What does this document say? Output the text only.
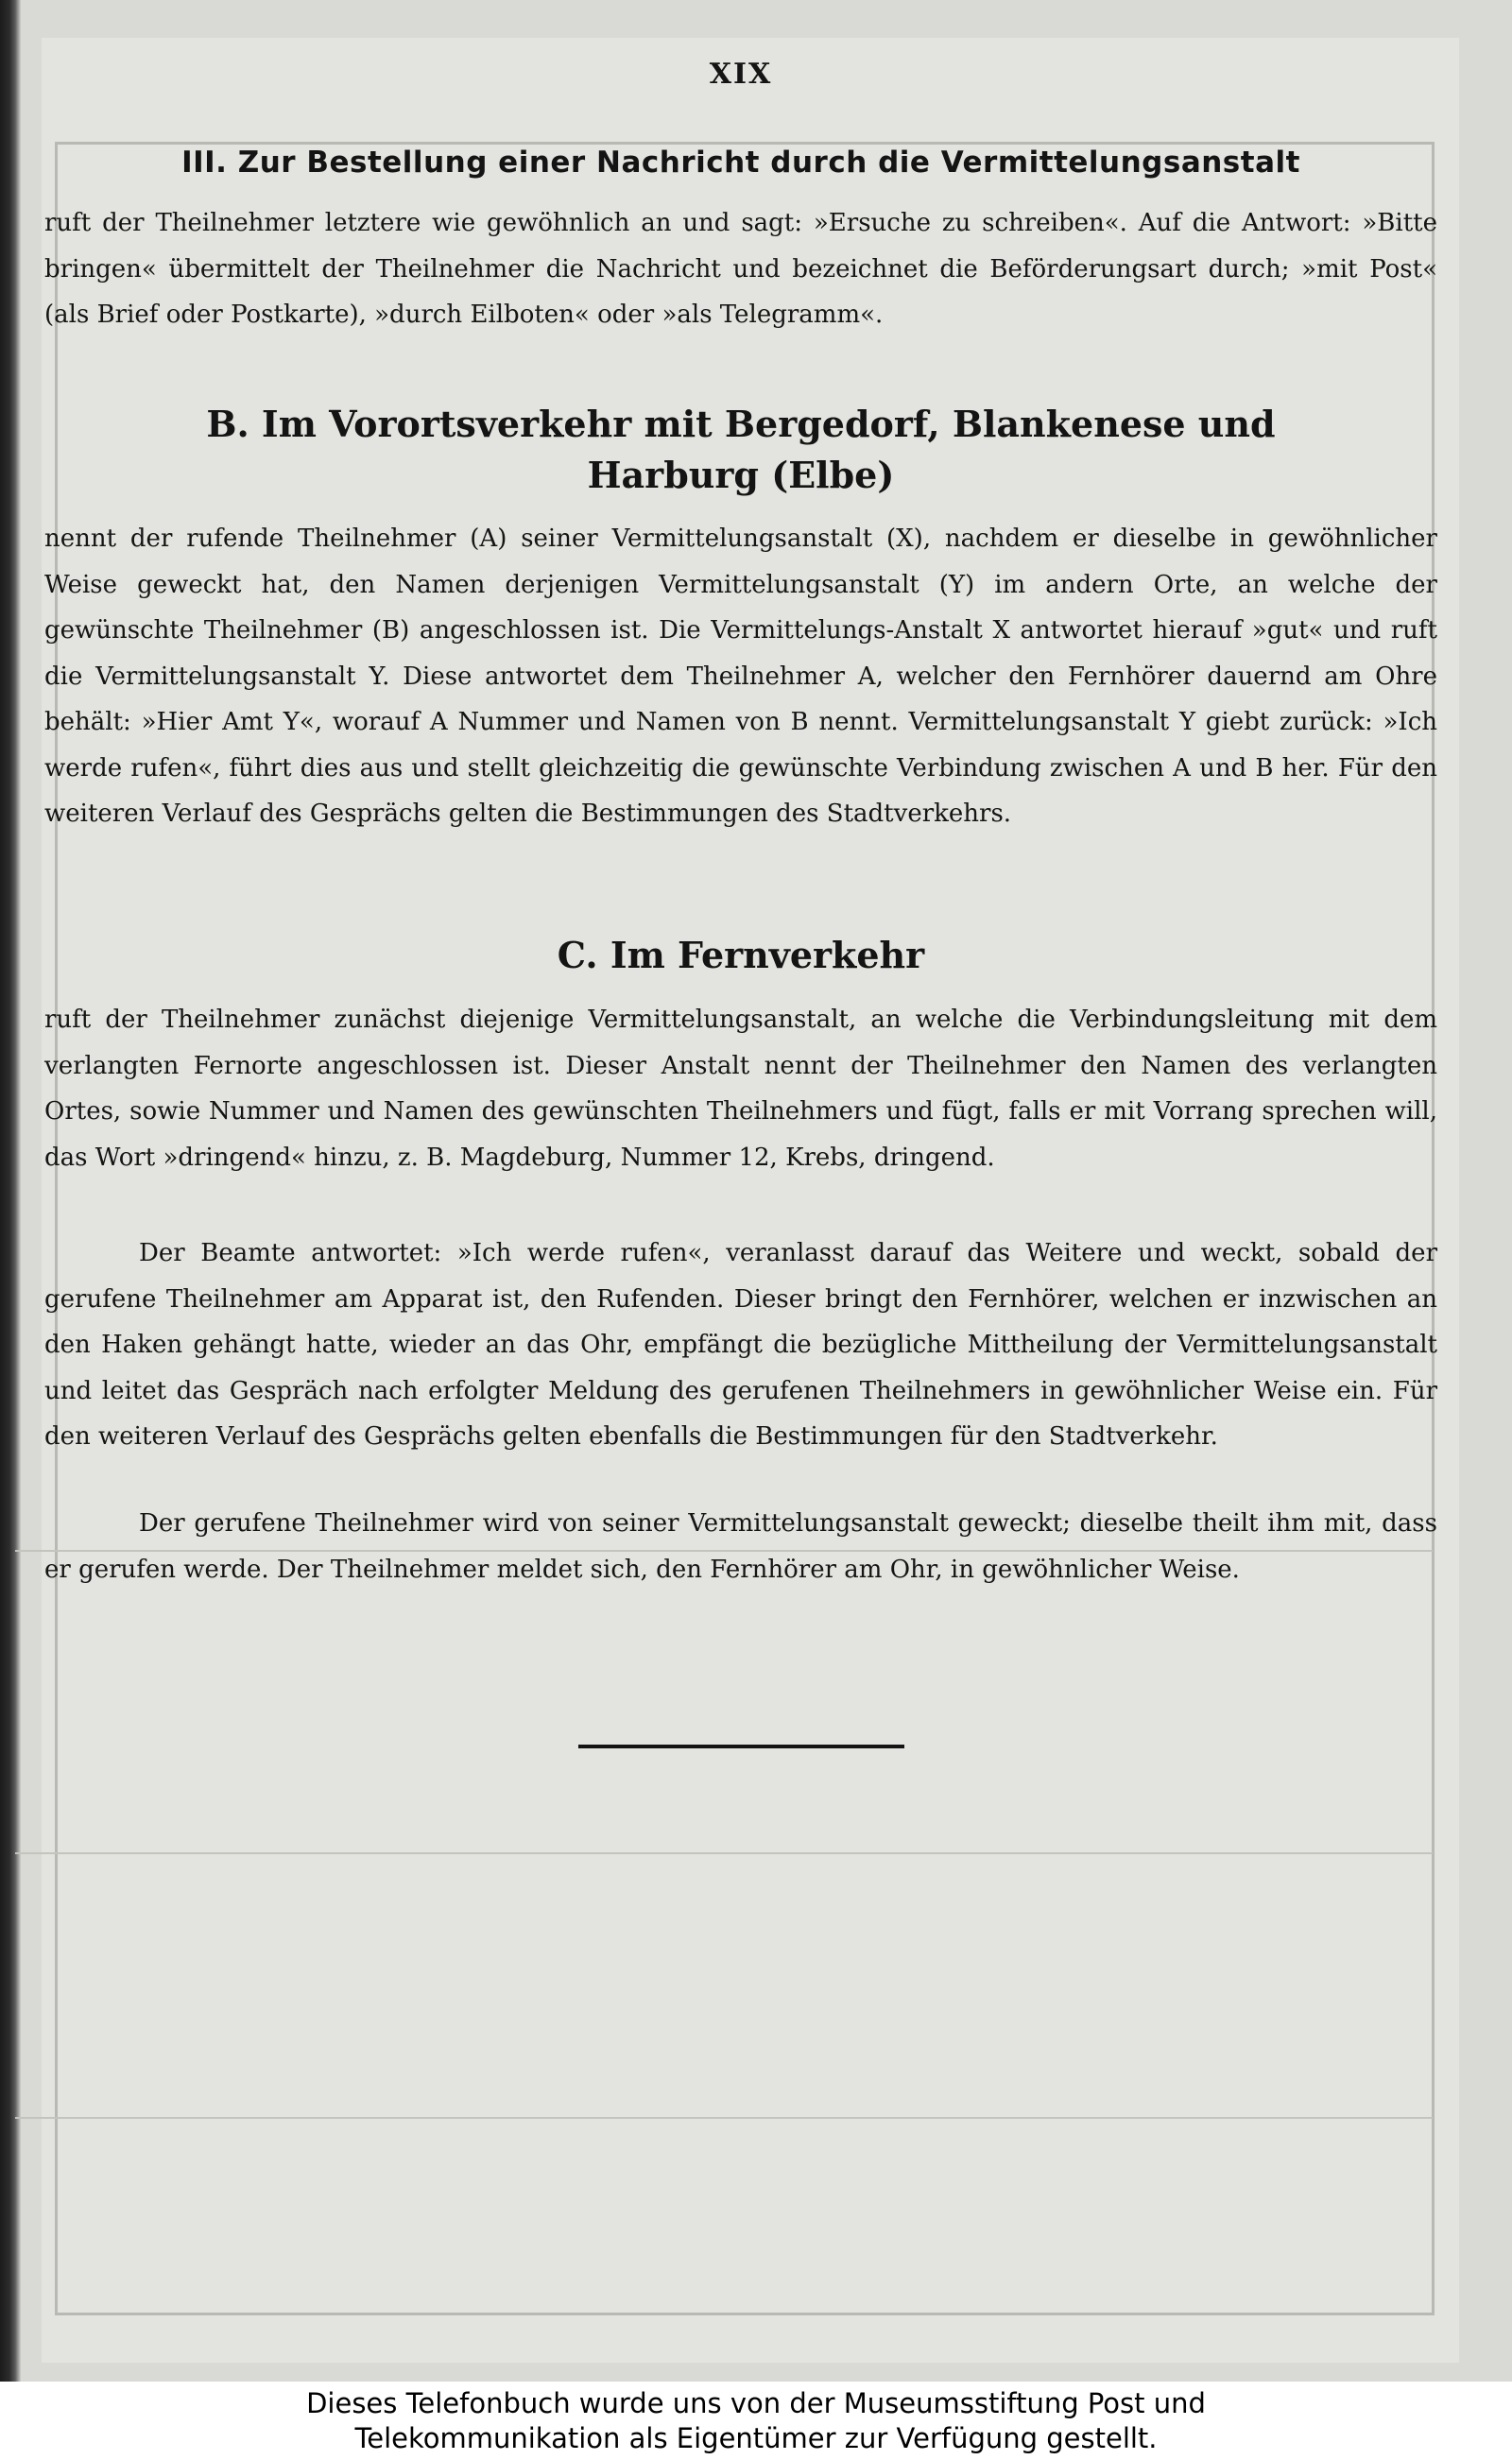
XIX
III. Zur Bestellung einer Nachricht durch die Vermittelungsanstalt

ruft der Theilnehmer letztere wie gewöhnlich an und sagt: »Ersuche zu schreiben«. Auf die Antwort: »Bitte bringen« übermittelt der Theilnehmer die Nachricht und bezeichnet die Beförderungsart durch; »mit Post« (als Brief oder Postkarte), »durch Eilboten« oder »als Telegramm«.

B. Im Vorortsverkehr mit Bergedorf, Blankenese und
Harburg (Elbe)

nennt der rufende Theilnehmer (A) seiner Vermittelungsanstalt (X), nachdem er dieselbe in gewöhnlicher Weise geweckt hat, den Namen derjenigen Vermittelungsanstalt (Y) im andern Orte, an welche der gewünschte Theilnehmer (B) angeschlossen ist. Die Vermittelungs-Anstalt X antwortet hierauf »gut« und ruft die Vermittelungsanstalt Y. Diese antwortet dem Theilnehmer A, welcher den Fernhörer dauernd am Ohre behält: »Hier Amt Y«, worauf A Nummer und Namen von B nennt. Vermittelungsanstalt Y giebt zurück: »Ich werde rufen«, führt dies aus und stellt gleichzeitig die gewünschte Verbindung zwischen A und B her. Für den weiteren Verlauf des Gesprächs gelten die Bestimmungen des Stadtverkehrs.

C. Im Fernverkehr

ruft der Theilnehmer zunächst diejenige Vermittelungsanstalt, an welche die Verbindungsleitung mit dem verlangten Fernorte angeschlossen ist. Dieser Anstalt nennt der Theilnehmer den Namen des verlangten Ortes, sowie Nummer und Namen des gewünschten Theilnehmers und fügt, falls er mit Vorrang sprechen will, das Wort »dringend« hinzu, z. B. Magdeburg, Nummer 12, Krebs, dringend.

Der Beamte antwortet: »Ich werde rufen«, veranlasst darauf das Weitere und weckt, sobald der gerufene Theilnehmer am Apparat ist, den Rufenden. Dieser bringt den Fernhörer, welchen er inzwischen an den Haken gehängt hatte, wieder an das Ohr, empfängt die bezügliche Mittheilung der Vermittelungsanstalt und leitet das Gespräch nach erfolgter Meldung des gerufenen Theilnehmers in gewöhnlicher Weise ein. Für den weiteren Verlauf des Gesprächs gelten ebenfalls die Bestimmungen für den Stadtverkehr.

Der gerufene Theilnehmer wird von seiner Vermittelungsanstalt geweckt; dieselbe theilt ihm mit, dass er gerufen werde. Der Theilnehmer meldet sich, den Fernhörer am Ohr, in gewöhnlicher Weise.

Dieses Telefonbuch wurde uns von der Museumsstiftung Post und
Telekommunikation als Eigentümer zur Verfügung gestellt.
